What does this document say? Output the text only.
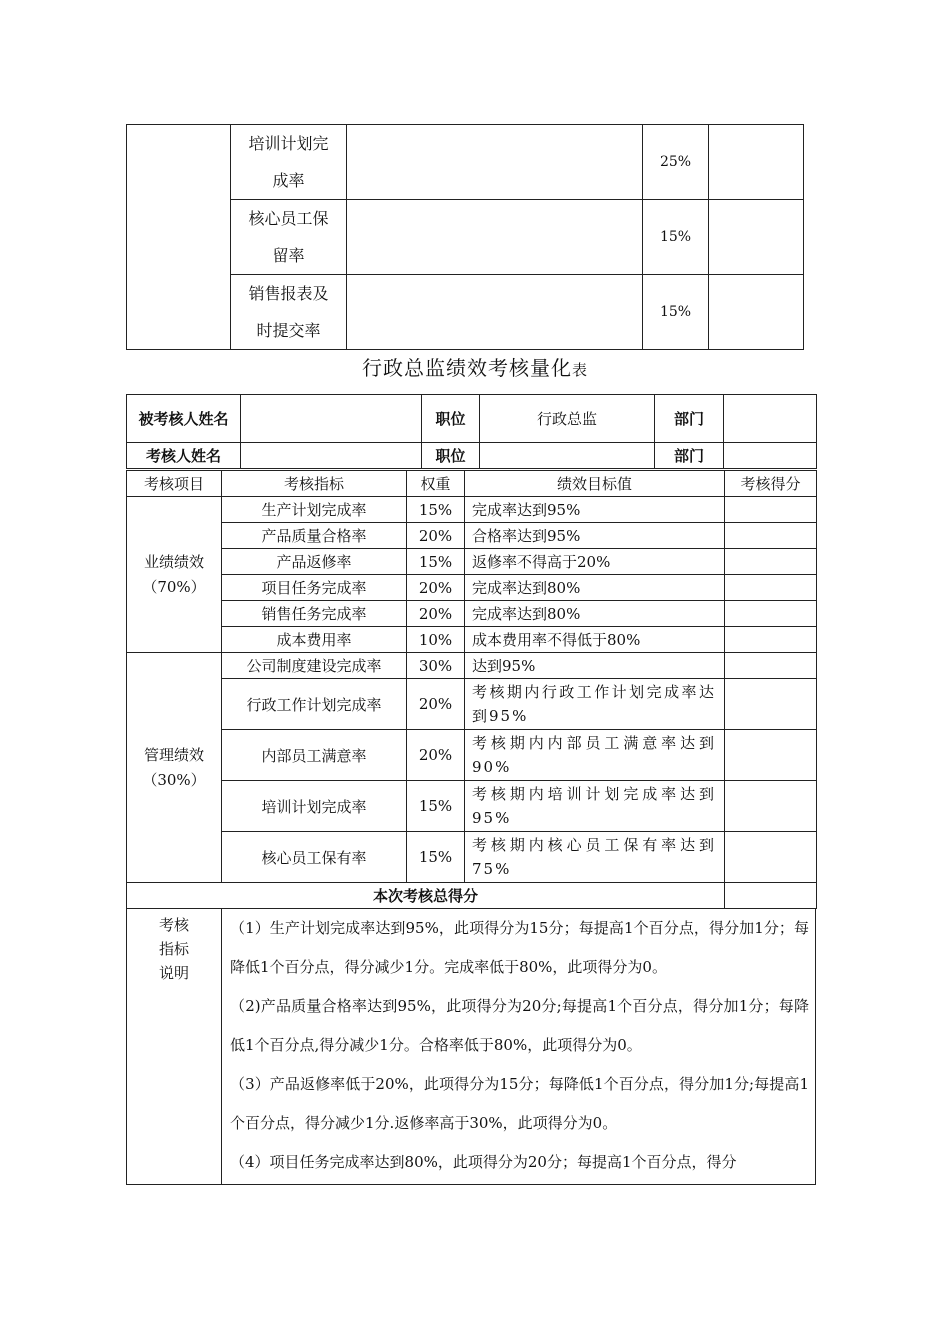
	培训计划完成率		25%	
	核心员工保留率		15%	
	销售报表及时提交率		15%	
行政总监绩效考核量化表
被考核人姓名		职位	行政总监	部门	
考核人姓名		职位		部门	
考核项目	考核指标	权重	绩效目标值	考核得分

业绩绩效
（70%）	生产计划完成率	15%	完成率达到95%	
	产品质量合格率	20%	合格率达到95%	
	产品返修率	15%	返修率不得高于20%	
	项目任务完成率	20%	完成率达到80%	
	销售任务完成率	20%	完成率达到80%	
	成本费用率	10%	成本费用率不得低于80%	

管理绩效
（30%）	公司制度建设完成率	30%	达到95%	
	行政工作计划完成率	20%	考核期内行政工作计划完成率达到95%	
	内部员工满意率	20%	考核期内内部员工满意率达到90%	
	培训计划完成率	15%	考核期内培训计划完成率达到95%	
	核心员工保有率	15%	考核期内核心员工保有率达到75%	
本次考核总得分				
考核
指标
说明

（1）生产计划完成率达到95%，此项得分为15分；每提高1个百分点，得分加1分；每降低1个百分点，得分减少1分。完成率低于80%，此项得分为0。

（2)产品质量合格率达到95%，此项得分为20分;每提高1个百分点，得分加1分；每降低1个百分点,得分减少1分。合格率低于80%，此项得分为0。

（3）产品返修率低于20%，此项得分为15分；每降低1个百分点，得分加1分;每提高1个百分点，得分减少1分.返修率高于30%，此项得分为0。

（4）项目任务完成率达到80%，此项得分为20分；每提高1个百分点，得分
